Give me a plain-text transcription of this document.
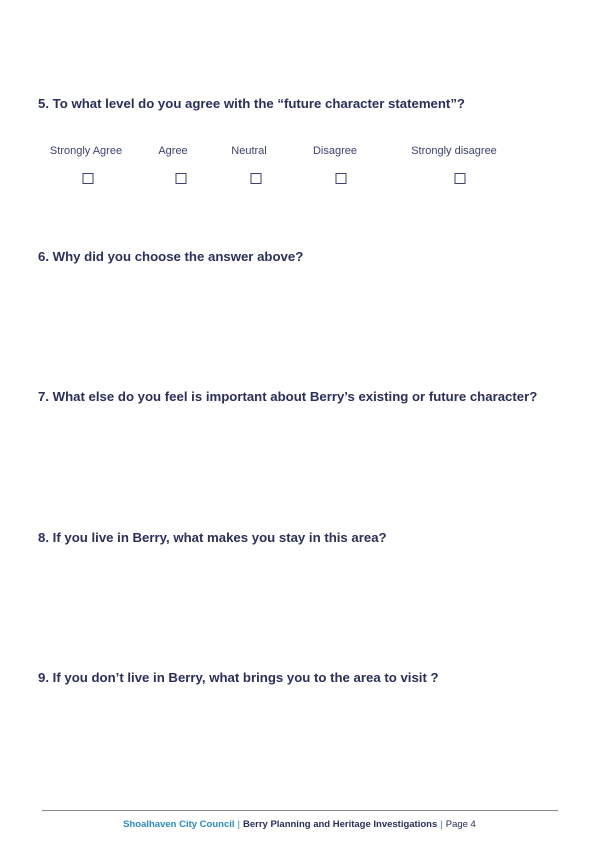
5. To what level do you agree with the “future character statement”?
Strongly Agree	Agree	Neutral	Disagree	Strongly disagree
6. Why did you choose the answer above?
7. What else do you feel is important about Berry’s existing or future character?
8. If you live in Berry, what makes you stay in this area?
9. If you don’t live in Berry, what brings you to the area to visit ?
Shoalhaven City Council | Berry Planning and Heritage Investigations | Page 4
